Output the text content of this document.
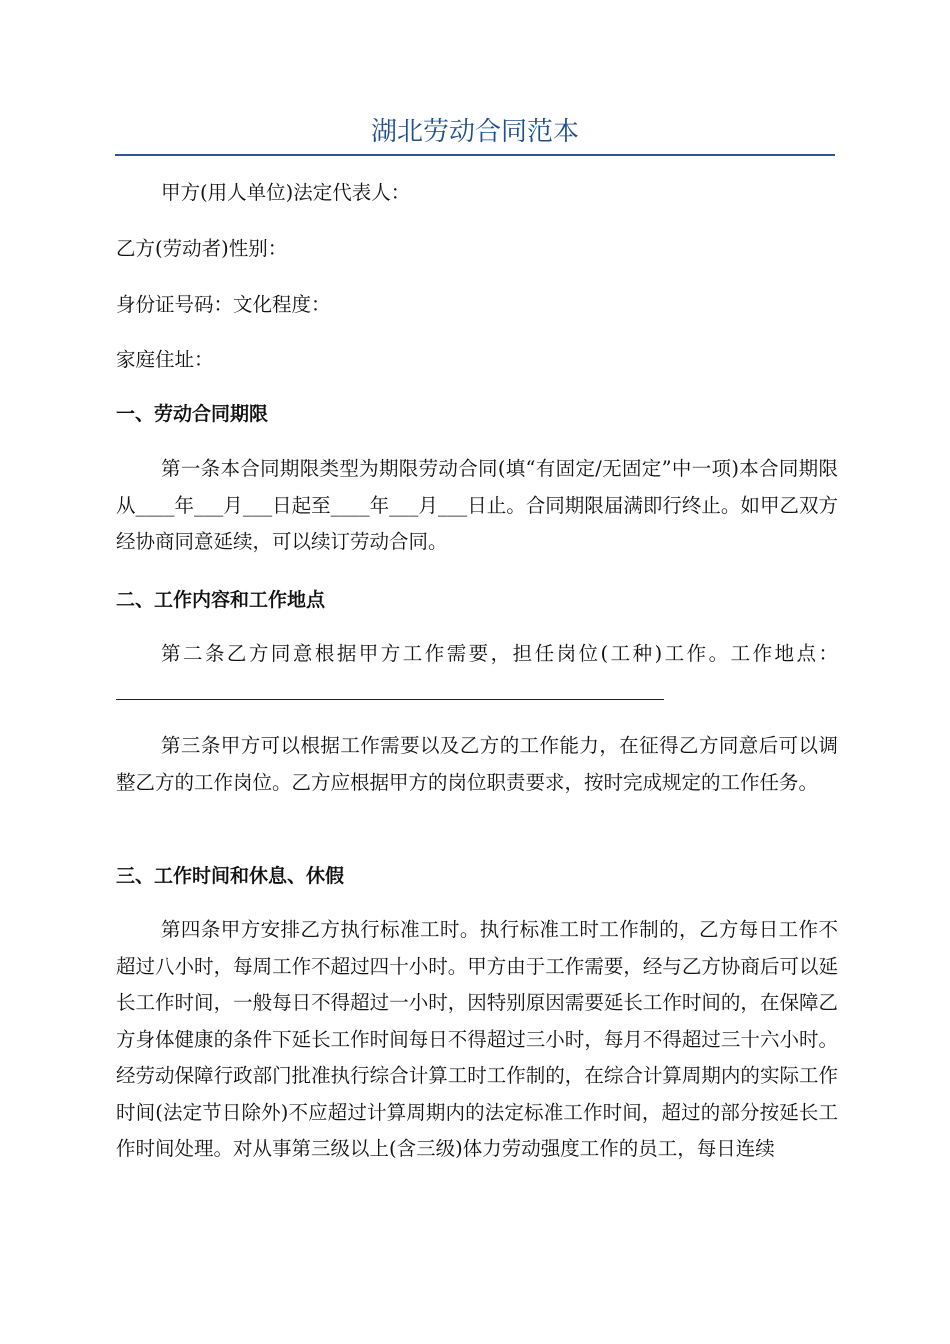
湖北劳动合同范本

甲方(用人单位)法定代表人：

乙方(劳动者)性别：

身份证号码：文化程度：

家庭住址：

一、劳动合同期限

第一条本合同期限类型为期限劳动合同(填“有固定/无固定”中一项)本合同期限从____年___月___日起至____年___月___日止。合同期限届满即行终止。如甲乙双方经协商同意延续，可以续订劳动合同。

二、工作内容和工作地点

第二条乙方同意根据甲方工作需要，担任岗位(工种)工作。工作地点：

第三条甲方可以根据工作需要以及乙方的工作能力，在征得乙方同意后可以调整乙方的工作岗位。乙方应根据甲方的岗位职责要求，按时完成规定的工作任务。

三、工作时间和休息、休假

第四条甲方安排乙方执行标准工时。执行标准工时工作制的，乙方每日工作不超过八小时，每周工作不超过四十小时。甲方由于工作需要，经与乙方协商后可以延长工作时间，一般每日不得超过一小时，因特别原因需要延长工作时间的，在保障乙方身体健康的条件下延长工作时间每日不得超过三小时，每月不得超过三十六小时。经劳动保障行政部门批准执行综合计算工时工作制的，在综合计算周期内的实际工作时间(法定节日除外)不应超过计算周期内的法定标准工作时间，超过的部分按延长工作时间处理。对从事第三级以上(含三级)体力劳动强度工作的员工，每日连续
